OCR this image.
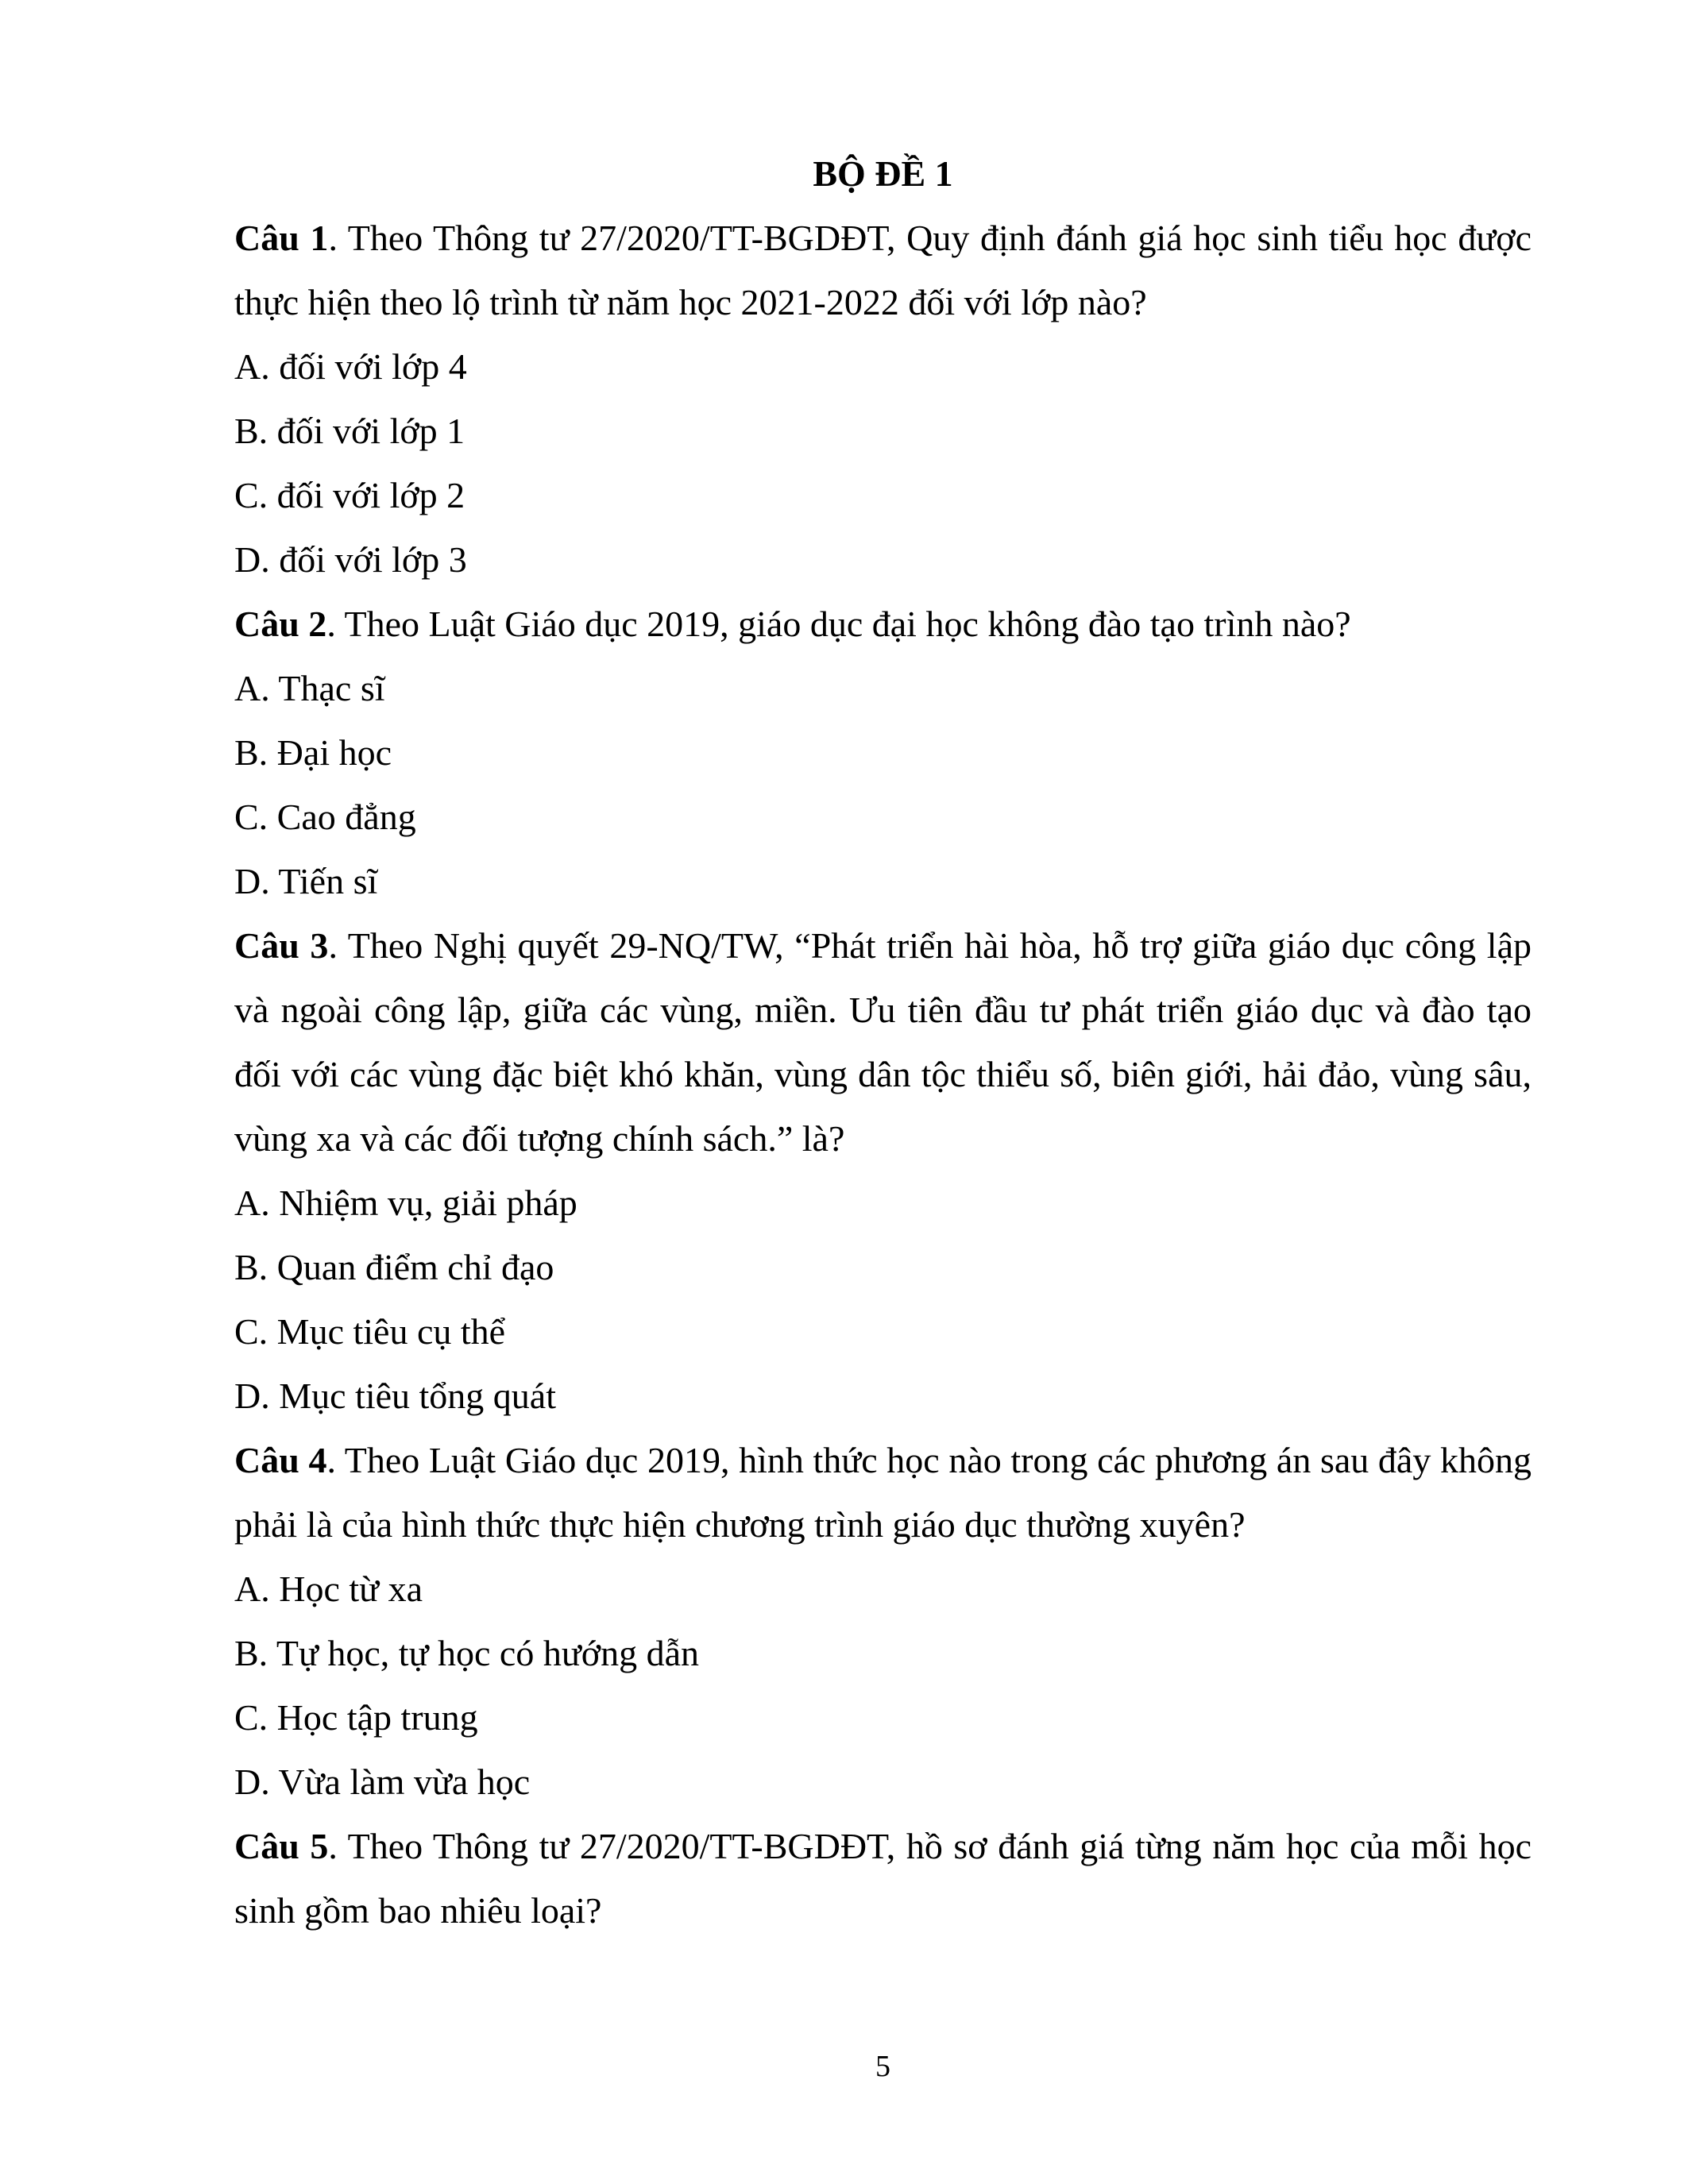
BỘ ĐỀ 1

Câu 1. Theo Thông tư 27/2020/TT-BGDĐT, Quy định đánh giá học sinh tiểu học được thực hiện theo lộ trình từ năm học 2021-2022 đối với lớp nào?

A. đối với lớp 4

B. đối với lớp 1

C. đối với lớp 2

D. đối với lớp 3

Câu 2. Theo Luật Giáo dục 2019, giáo dục đại học không đào tạo trình nào?

A. Thạc sĩ

B. Đại học

C. Cao đẳng

D. Tiến sĩ

Câu 3. Theo Nghị quyết 29-NQ/TW, “Phát triển hài hòa, hỗ trợ giữa giáo dục công lập và ngoài công lập, giữa các vùng, miền. Ưu tiên đầu tư phát triển giáo dục và đào tạo đối với các vùng đặc biệt khó khăn, vùng dân tộc thiểu số, biên giới, hải đảo, vùng sâu, vùng xa và các đối tượng chính sách.” là?

A. Nhiệm vụ, giải pháp

B. Quan điểm chỉ đạo

C. Mục tiêu cụ thể

D. Mục tiêu tổng quát

Câu 4. Theo Luật Giáo dục 2019, hình thức học nào trong các phương án sau đây không phải là của hình thức thực hiện chương trình giáo dục thường xuyên?

A. Học từ xa

B. Tự học, tự học có hướng dẫn

C. Học tập trung

D. Vừa làm vừa học

Câu 5. Theo Thông tư 27/2020/TT-BGDĐT, hồ sơ đánh giá từng năm học của mỗi học sinh gồm bao nhiêu loại?

5
